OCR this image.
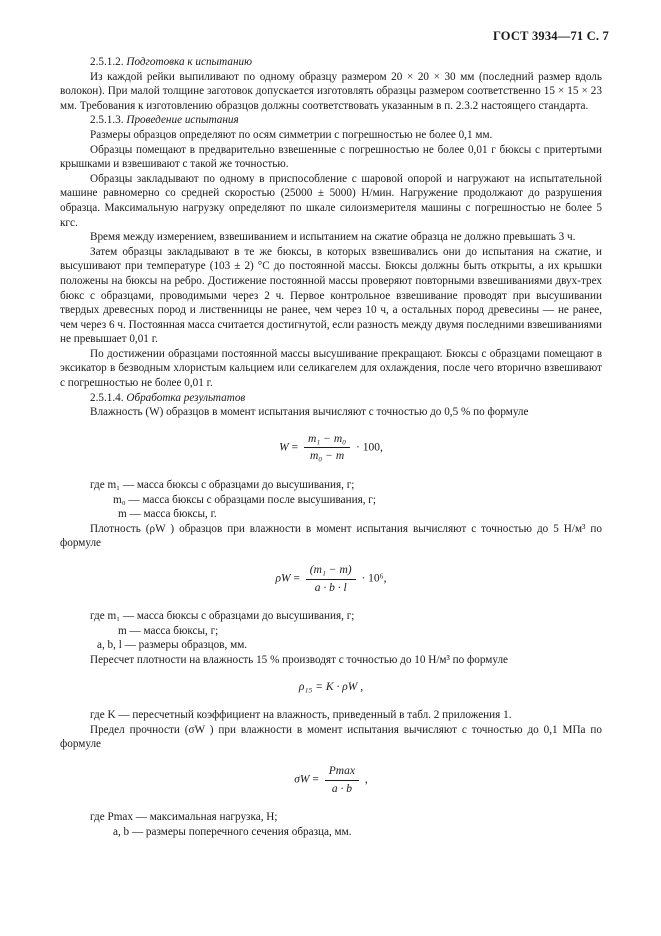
ГОСТ 3934—71 С. 7

2.5.1.2. Подготовка к испытанию

Из каждой рейки выпиливают по одному образцу размером 20 × 20 × 30 мм (последний размер вдоль волокон). При малой толщине заготовок допускается изготовлять образцы размером соответственно 15 × 15 × 23 мм. Требования к изготовлению образцов должны соответствовать указанным в п. 2.3.2 настоящего стандарта.

2.5.1.3. Проведение испытания

Размеры образцов определяют по осям симметрии с погрешностью не более 0,1 мм.

Образцы помещают в предварительно взвешенные с погрешностью не более 0,01 г бюксы с притертыми крышками и взвешивают с такой же точностью.

Образцы закладывают по одному в приспособление с шаровой опорой и нагружают на испытательной машине равномерно со средней скоростью (25000 ± 5000) Н/мин. Нагружение продолжают до разрушения образца. Максимальную нагрузку определяют по шкале силоизмерителя машины с погрешностью не более 5 кгс.

Время между измерением, взвешиванием и испытанием на сжатие образца не должно превышать 3 ч.

Затем образцы закладывают в те же бюксы, в которых взвешивались они до испытания на сжатие, и высушивают при температуре (103 ± 2) °С до постоянной массы. Бюксы должны быть открыты, а их крышки положены на бюксы на ребро. Достижение постоянной массы проверяют повторными взвешиваниями двух-трех бюкс с образцами, проводимыми через 2 ч. Первое контрольное взвешивание проводят при высушивании твердых древесных пород и лиственницы не ранее, чем через 10 ч, а остальных пород древесины — не ранее, чем через 6 ч. Постоянная масса считается достигнутой, если разность между двумя последними взвешиваниями не превышает 0,01 г.

По достижении образцами постоянной массы высушивание прекращают. Бюксы с образцами помещают в эксикатор в безводным хлористым кальцием или селикагелем для охлаждения, после чего вторично взвешивают с погрешностью не более 0,01 г.

2.5.1.4. Обработка результатов

Влажность (W) образцов в момент испытания вычисляют с точностью до 0,5 % по формуле

$W = \frac{\text{m₁ − m₀}}{\text{m₀ − m}} \cdot 100$,

где m₁ — масса бюксы с образцами до высушивания, г;

m₀ — масса бюксы с образцами после высушивания, г;

m — масса бюксы, г.

Плотность (ρW ) образцов при влажности в момент испытания вычисляют с точностью до 5 Н/м³ по формуле

$\rho W = \frac{\text{(m₁ − m)}}{a \cdot b \cdot l} \cdot 10^6$,

где m₁ — масса бюксы с образцами до высушивания, г;

m — масса бюксы, г;

a, b, l — размеры образцов, мм.

Пересчет плотности на влажность 15 % производят с точностью до 10 Н/м³ по формуле

ρ₁₅ = K · ρW ,

где K — пересчетный коэффициент на влажность, приведенный в табл. 2 приложения 1.

Предел прочности (σW ) при влажности в момент испытания вычисляют с точностью до 0,1 МПа по формуле

$\sigma W = \frac{Pmax}{a \cdot b}$ ,

где Pmax — максимальная нагрузка, Н;

a, b — размеры поперечного сечения образца, мм.
